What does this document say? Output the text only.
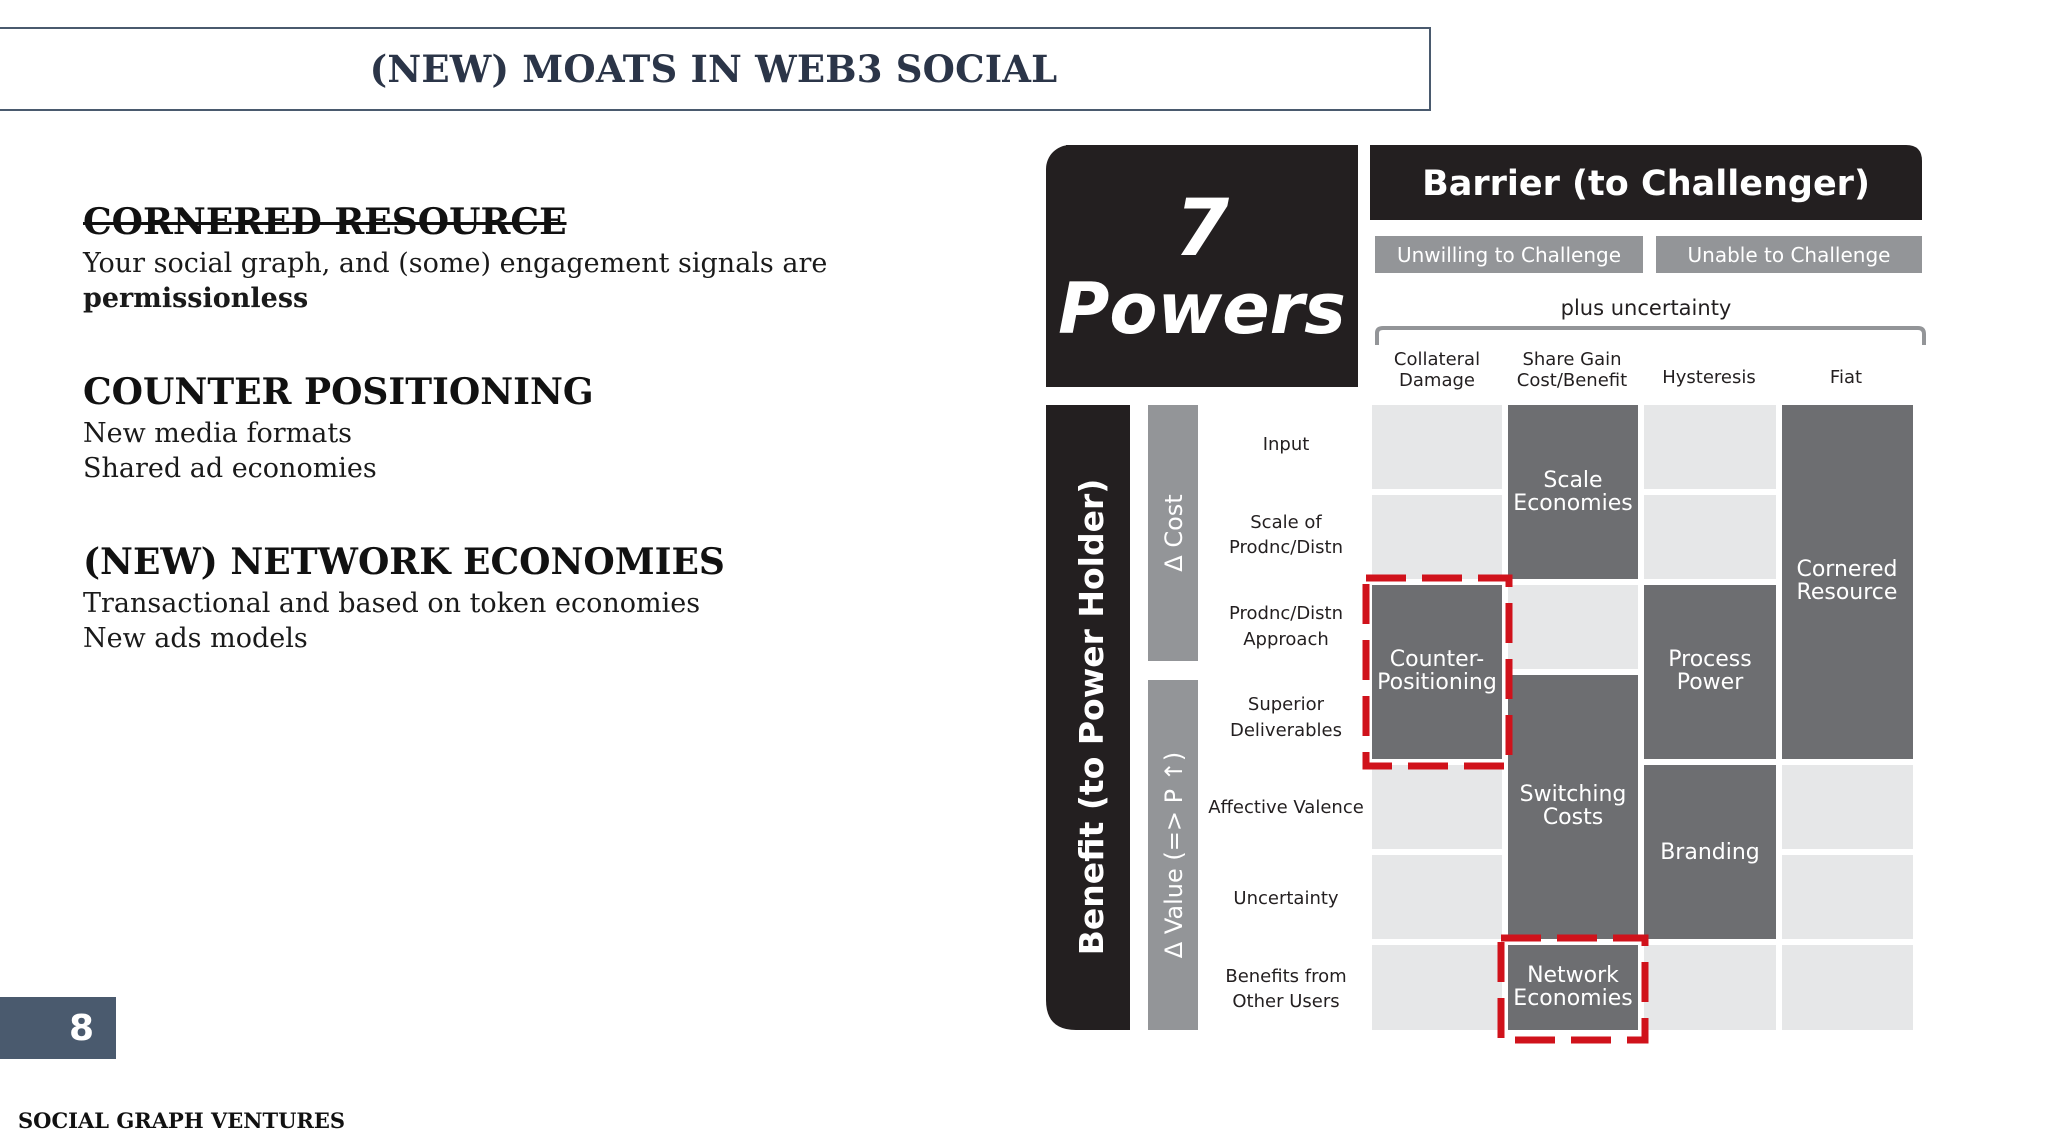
(NEW) MOATS IN WEB3 SOCIAL
CORNERED RESOURCE

Your social graph, and (some) engagement signals are

permissionless

COUNTER POSITIONING

New media formats

Shared ad economies

(NEW) NETWORK ECONOMIES

Transactional and based on token economies

New ads models

7
Powers
Barrier (to Challenger)
Unwilling to Challenge	Unable to Challenge
plus uncertainty
Collateral
Damage
Share Gain
Cost/Benefit Hysteresis	Fiat
Benefit (to Power Holder) Δ Cost
Δ Value (=> P ↑)
Input
Scale of
Prodnc/Distn
Prodnc/Distn
Approach
Superior
Deliverables
Affective Valence
Uncertainty
Benefits from
Other Users
Scale
Economies
Cornered
Resource
Counter-
Positioning
Process
Power
Switching
Costs
Branding
Network
Economies
8
SOCIAL GRAPH VENTURES
